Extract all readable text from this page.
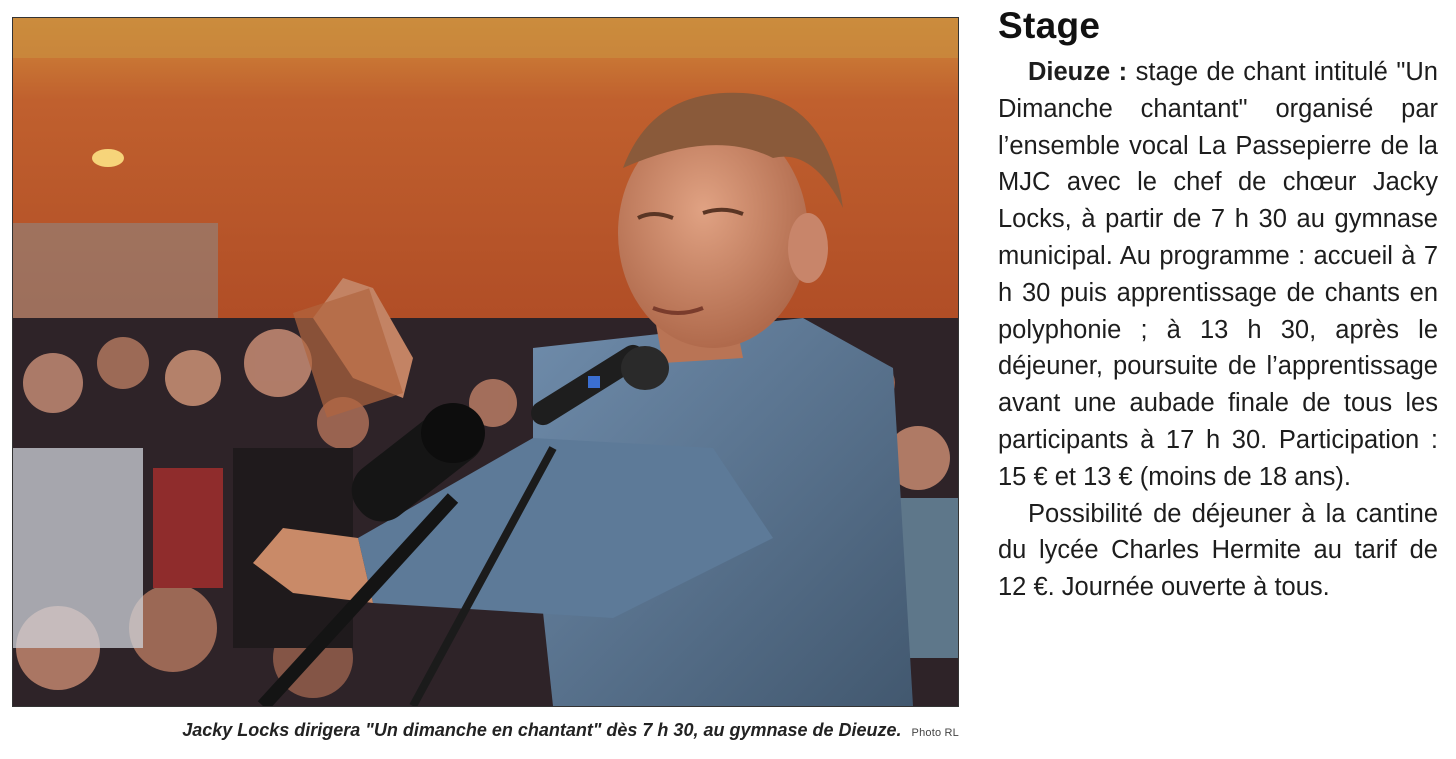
Jacky Locks dirigera "Un dimanche en chantant" dès 7 h 30, au gymnase de Dieuze. Photo RL
Stage

Dieuze : stage de chant intitulé "Un Dimanche chantant" organisé par l’ensemble vocal La Passepierre de la MJC avec le chef de chœur Jacky Locks, à partir de 7 h 30 au gymnase municipal. Au programme : accueil à 7 h 30 puis apprentissage de chants en polyphonie ; à 13 h 30, après le déjeuner, poursuite de l’apprentissage avant une aubade finale de tous les participants à 17 h 30. Participation : 15 € et 13 € (moins de 18 ans).

Possibilité de déjeuner à la cantine du lycée Charles Hermite au tarif de 12 €. Journée ouverte à tous.
